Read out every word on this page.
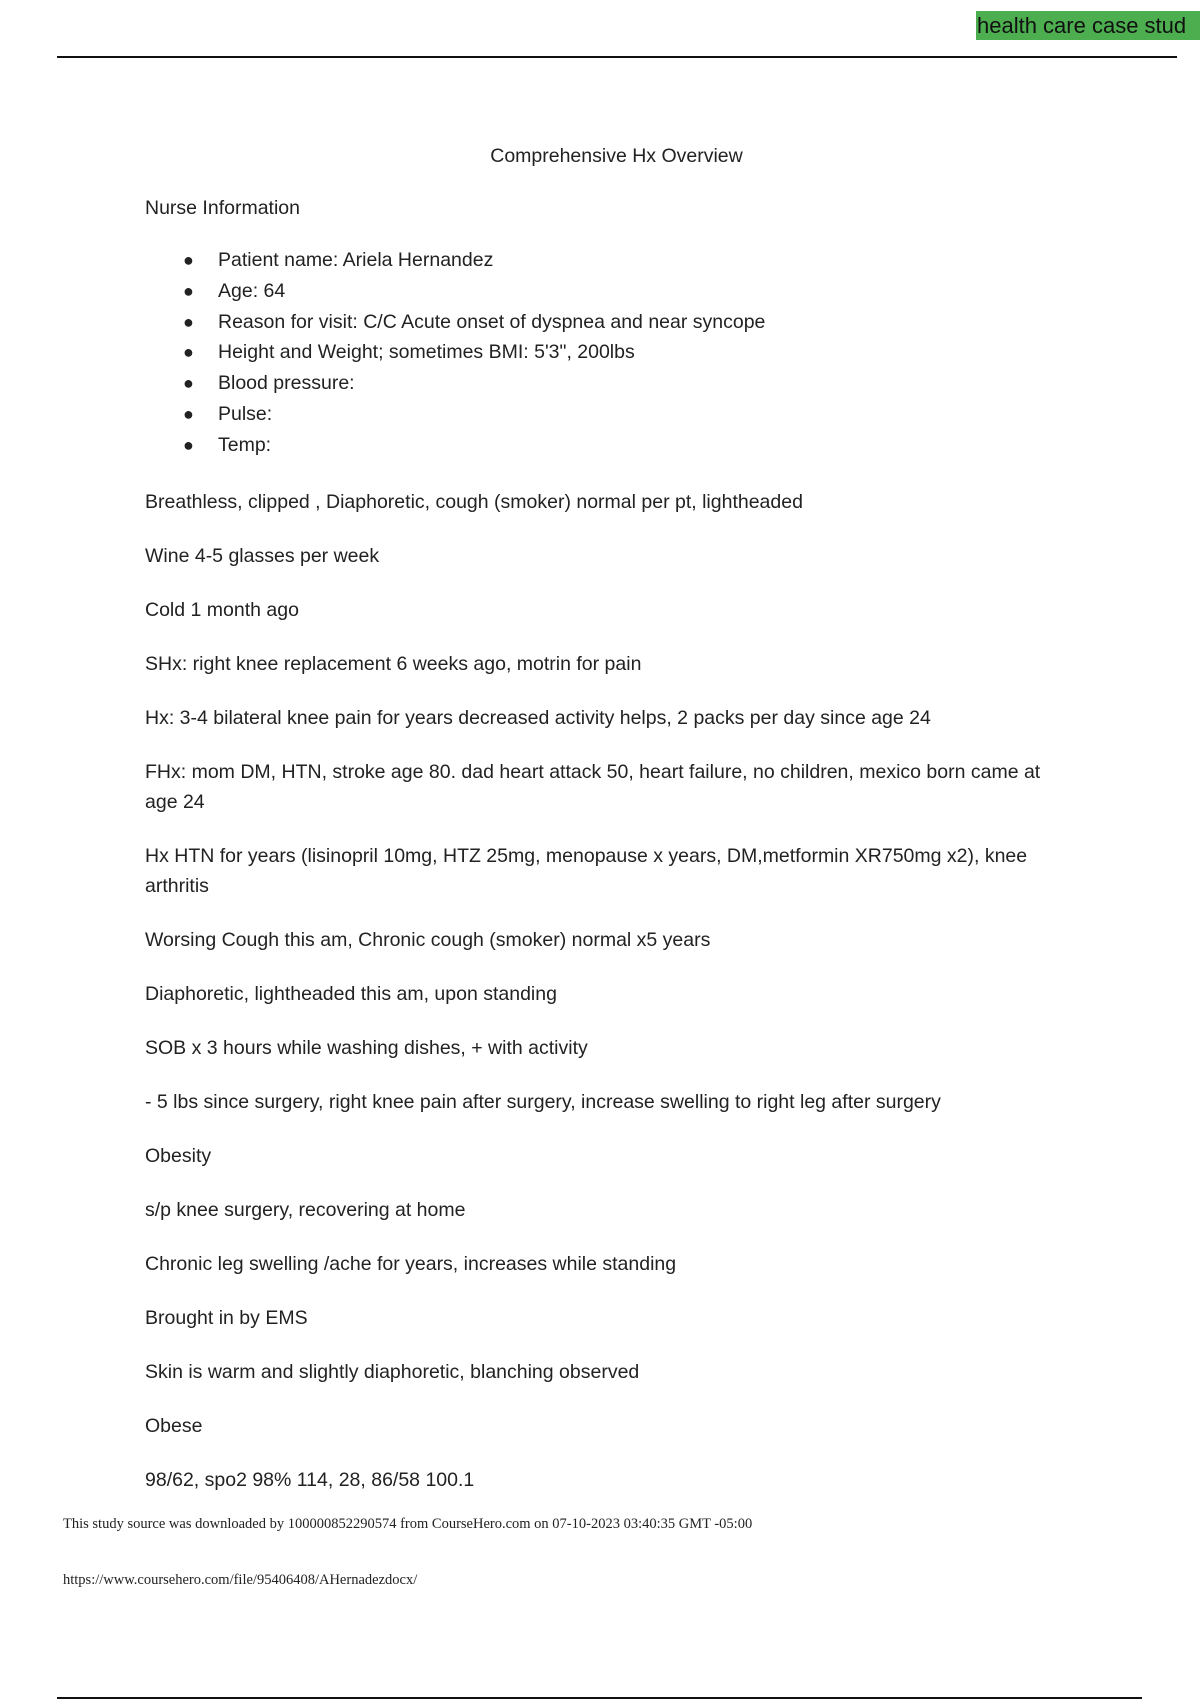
health care case stud
Comprehensive Hx Overview
Nurse Information
● Patient name: Ariela Hernandez
● Age: 64
● Reason for visit: C/C Acute onset of dyspnea and near syncope
● Height and Weight; sometimes BMI: 5'3", 200lbs
● Blood pressure:
● Pulse:
● Temp:

Breathless, clipped , Diaphoretic, cough (smoker) normal per pt, lightheaded

Wine 4-5 glasses per week

Cold 1 month ago

SHx: right knee replacement 6 weeks ago, motrin for pain

Hx: 3-4 bilateral knee pain for years decreased activity helps, 2 packs per day since age 24

FHx: mom DM, HTN, stroke age 80. dad heart attack 50, heart failure, no children, mexico born came at age 24

Hx HTN for years (lisinopril 10mg, HTZ 25mg, menopause x years, DM,metformin XR750mg x2), knee arthritis

Worsing Cough this am, Chronic cough (smoker) normal x5 years

Diaphoretic, lightheaded this am, upon standing

SOB x 3 hours while washing dishes, + with activity

- 5 lbs since surgery, right knee pain after surgery, increase swelling to right leg after surgery

Obesity

s/p knee surgery, recovering at home

Chronic leg swelling /ache for years, increases while standing

Brought in by EMS

Skin is warm and slightly diaphoretic, blanching observed

Obese

98/62, spo2 98% 114, 28, 86/58 100.1

This study source was downloaded by 100000852290574 from CourseHero.com on 07-10-2023 03:40:35 GMT -05:00
https://www.coursehero.com/file/95406408/AHernadezdocx/
